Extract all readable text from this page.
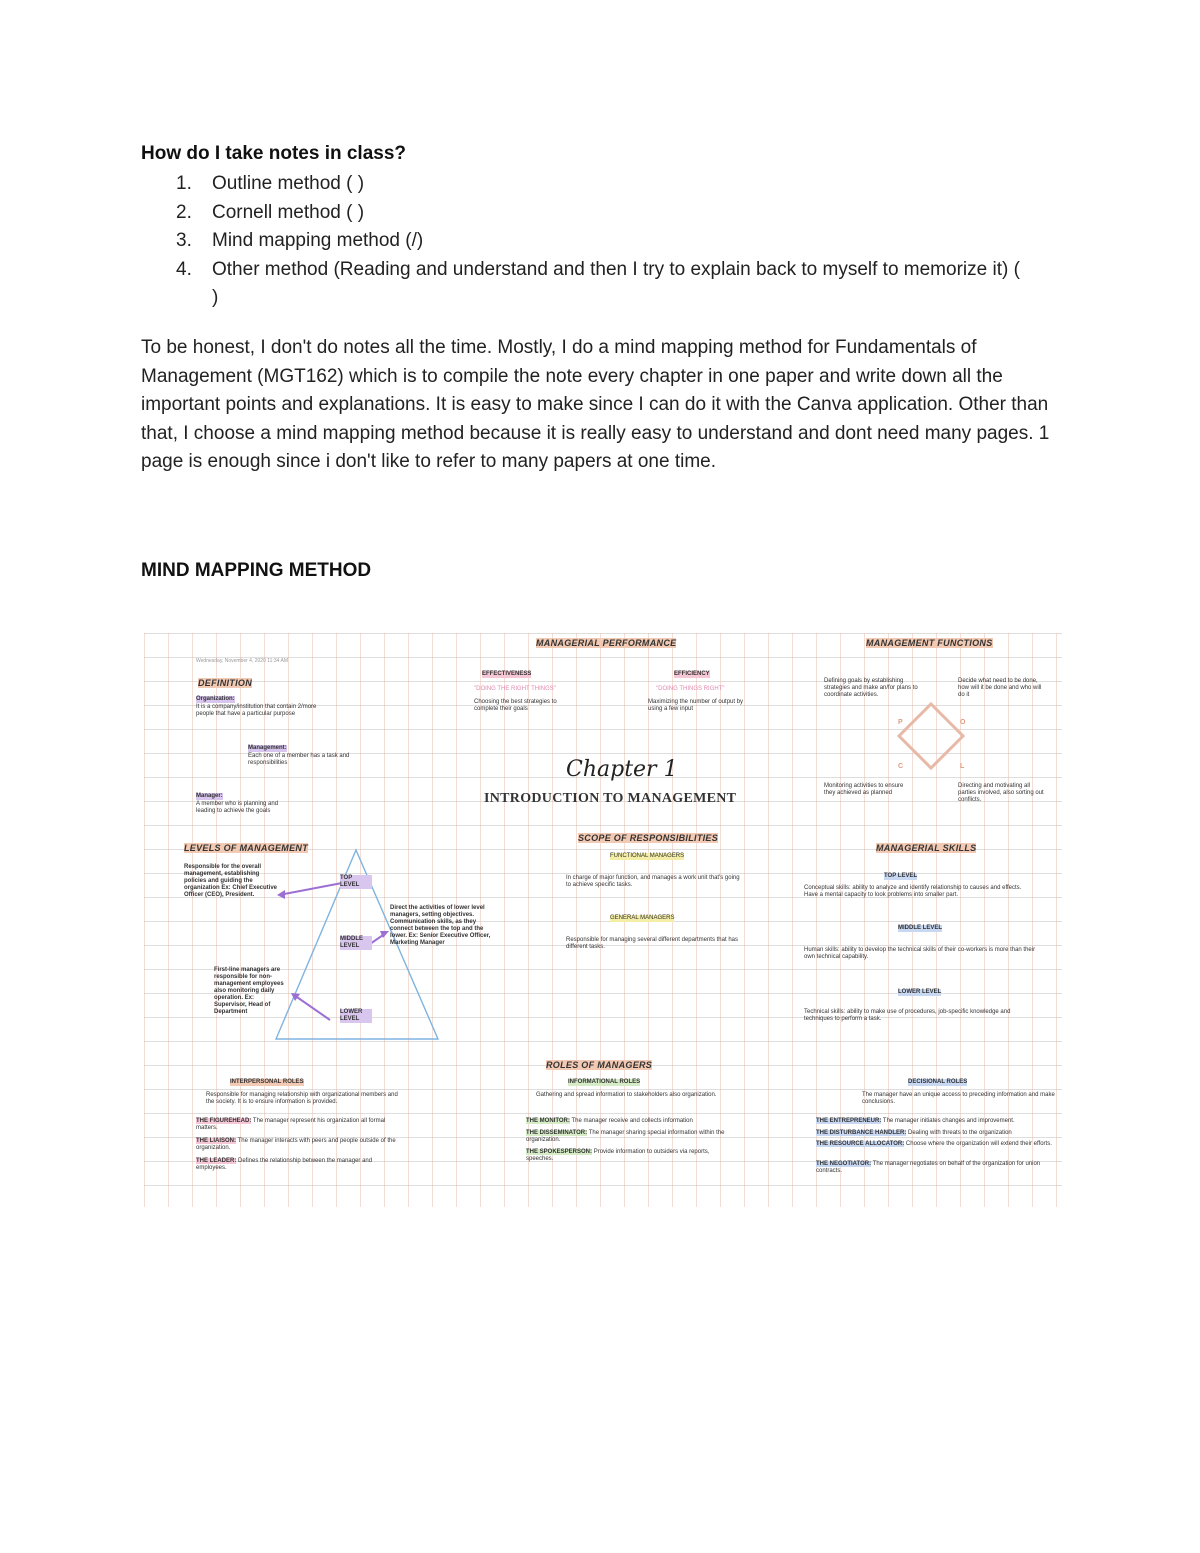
How do I take notes in class?
1. Outline method ( )
2. Cornell method ( )
3. Mind mapping method (/)
4. Other method (Reading and understand and then I try to explain back to myself to memorize it) ( )

To be honest, I don't do notes all the time. Mostly, I do a mind mapping method for Fundamentals of Management (MGT162) which is to compile the note every chapter in one paper and write down all the important points and explanations. It is easy to make since I can do it with the Canva application. Other than that, I choose a mind mapping method because it is really easy to understand and dont need many pages. 1 page is enough since i don't like to refer to many papers at one time.

MIND MAPPING METHOD
Wednesday, November 4, 2020 11:34 AM
DEFINITION
Organization:
It is a company/institution that contain 2/more people that have a particular purpose
Management:
Each one of a member has a task and responsibilities
Manager:
A member who is planning and leading to achieve the goals
MANAGERIAL PERFORMANCE
EFFECTIVENESS
"DOING THE RIGHT THINGS"
Choosing the best strategies to complete their goals
EFFICIENCY
"DOING THINGS RIGHT"
Maximizing the number of output by using a few input
MANAGEMENT FUNCTIONS
Defining goals by establishing strategies and make an/for plans to coordinate activities.
Decide what need to be done, how will it be done and who will do it
P	O
C	L
Monitoring activities to ensure they achieved as planned
Directing and motivating all parties involved, also sorting out conflicts.
Chapter 1
INTRODUCTION TO MANAGEMENT
LEVELS OF MANAGEMENT
Responsible for the overall management, establishing policies and guiding the organization Ex: Chief Executive Officer (CEO), President.
TOP LEVEL
Direct the activities of lower level managers, setting objectives. Communication skills, as they connect between the top and the lower. Ex: Senior Executive Officer, Marketing Manager
MIDDLE LEVEL
First-line managers are responsible for non-management employees also monitoring daily operation. Ex: Supervisor, Head of Department	LOWER LEVEL
SCOPE OF RESPONSIBILITIES
FUNCTIONAL MANAGERS
In charge of major function, and manages a work unit that's going to achieve specific tasks.
GENERAL MANAGERS
Responsible for managing several different departments that has different tasks.
MANAGERIAL SKILLS
TOP LEVEL
Conceptual skills: ability to analyze and identify relationship to causes and effects. Have a mental capacity to look problems into smaller part.
MIDDLE LEVEL
Human skills: ability to develop the technical skills of their co-workers is more than their own technical capability.
LOWER LEVEL
Technical skills: ability to make use of procedures, job-specific knowledge and techniques to perform a task.
ROLES OF MANAGERS
INTERPERSONAL ROLES
Responsible for managing relationship with organizational members and the society. It is to ensure information is provided.
THE FIGUREHEAD: The manager represent his organization all formal matters.
THE LIAISON: The manager interacts with peers and people outside of the organization.
THE LEADER: Defines the relationship between the manager and employees.
INFORMATIONAL ROLES
Gathering and spread information to stakeholders also organization.
THE MONITOR: The manager receive and collects information
THE DISSEMINATOR: The manager sharing special information within the organization.
THE SPOKESPERSON: Provide information to outsiders via reports, speeches.
DECISIONAL ROLES
The manager have an unique access to preceding information and make conclusions.
THE ENTREPRENEUR: The manager initiates changes and improvement.
THE DISTURBANCE HANDLER: Dealing with threats to the organization
THE RESOURCE ALLOCATOR: Choose where the organization will extend their efforts.
THE NEGOTIATOR: The manager negotiates on behalf of the organization for union contracts.
